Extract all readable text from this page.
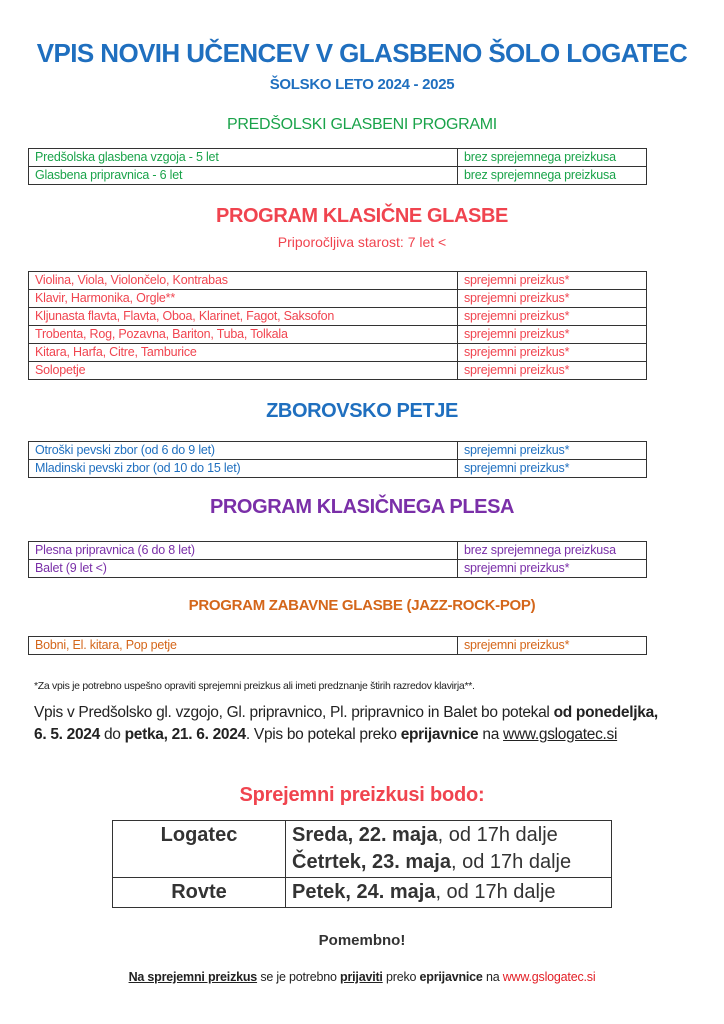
VPIS NOVIH UČENCEV V GLASBENO ŠOLO LOGATEC
ŠOLSKO LETO 2024 - 2025
PREDŠOLSKI GLASBENI PROGRAMI
Predšolska glasbena vzgoja - 5 let	brez sprejemnega preizkusa
Glasbena pripravnica - 6 let	brez sprejemnega preizkusa
PROGRAM KLASIČNE GLASBE
Priporočljiva starost: 7 let <
Violina, Viola, Violončelo, Kontrabas	sprejemni preizkus*
Klavir, Harmonika, Orgle**	sprejemni preizkus*
Kljunasta flavta, Flavta, Oboa, Klarinet, Fagot, Saksofon	sprejemni preizkus*
Trobenta, Rog, Pozavna, Bariton, Tuba, Tolkala	sprejemni preizkus*
Kitara, Harfa, Citre, Tamburice	sprejemni preizkus*
Solopetje	sprejemni preizkus*
ZBOROVSKO PETJE
Otroški pevski zbor (od 6 do 9 let)	sprejemni preizkus*
Mladinski pevski zbor (od 10 do 15 let)	sprejemni preizkus*
PROGRAM KLASIČNEGA PLESA
Plesna pripravnica (6 do 8 let)	brez sprejemnega preizkusa
Balet (9 let <)	sprejemni preizkus*
PROGRAM ZABAVNE GLASBE (JAZZ-ROCK-POP)
Bobni, El. kitara, Pop petje	sprejemni preizkus*
*Za vpis je potrebno uspešno opraviti sprejemni preizkus ali imeti predznanje štirih razredov klavirja**.
Vpis v Predšolsko gl. vzgojo, Gl. pripravnico, Pl. pripravnico in Balet bo potekal od ponedeljka,
6. 5. 2024 do petka, 21. 6. 2024. Vpis bo potekal preko eprijavnice na www.gslogatec.si
Sprejemni preizkusi bodo:
Logatec	Sreda, 22. maja, od 17h dalje
Četrtek, 23. maja, od 17h dalje

Rovte	Petek, 24. maja, od 17h dalje
Pomembno!
Na sprejemni preizkus se je potrebno prijaviti preko eprijavnice na www.gslogatec.si
